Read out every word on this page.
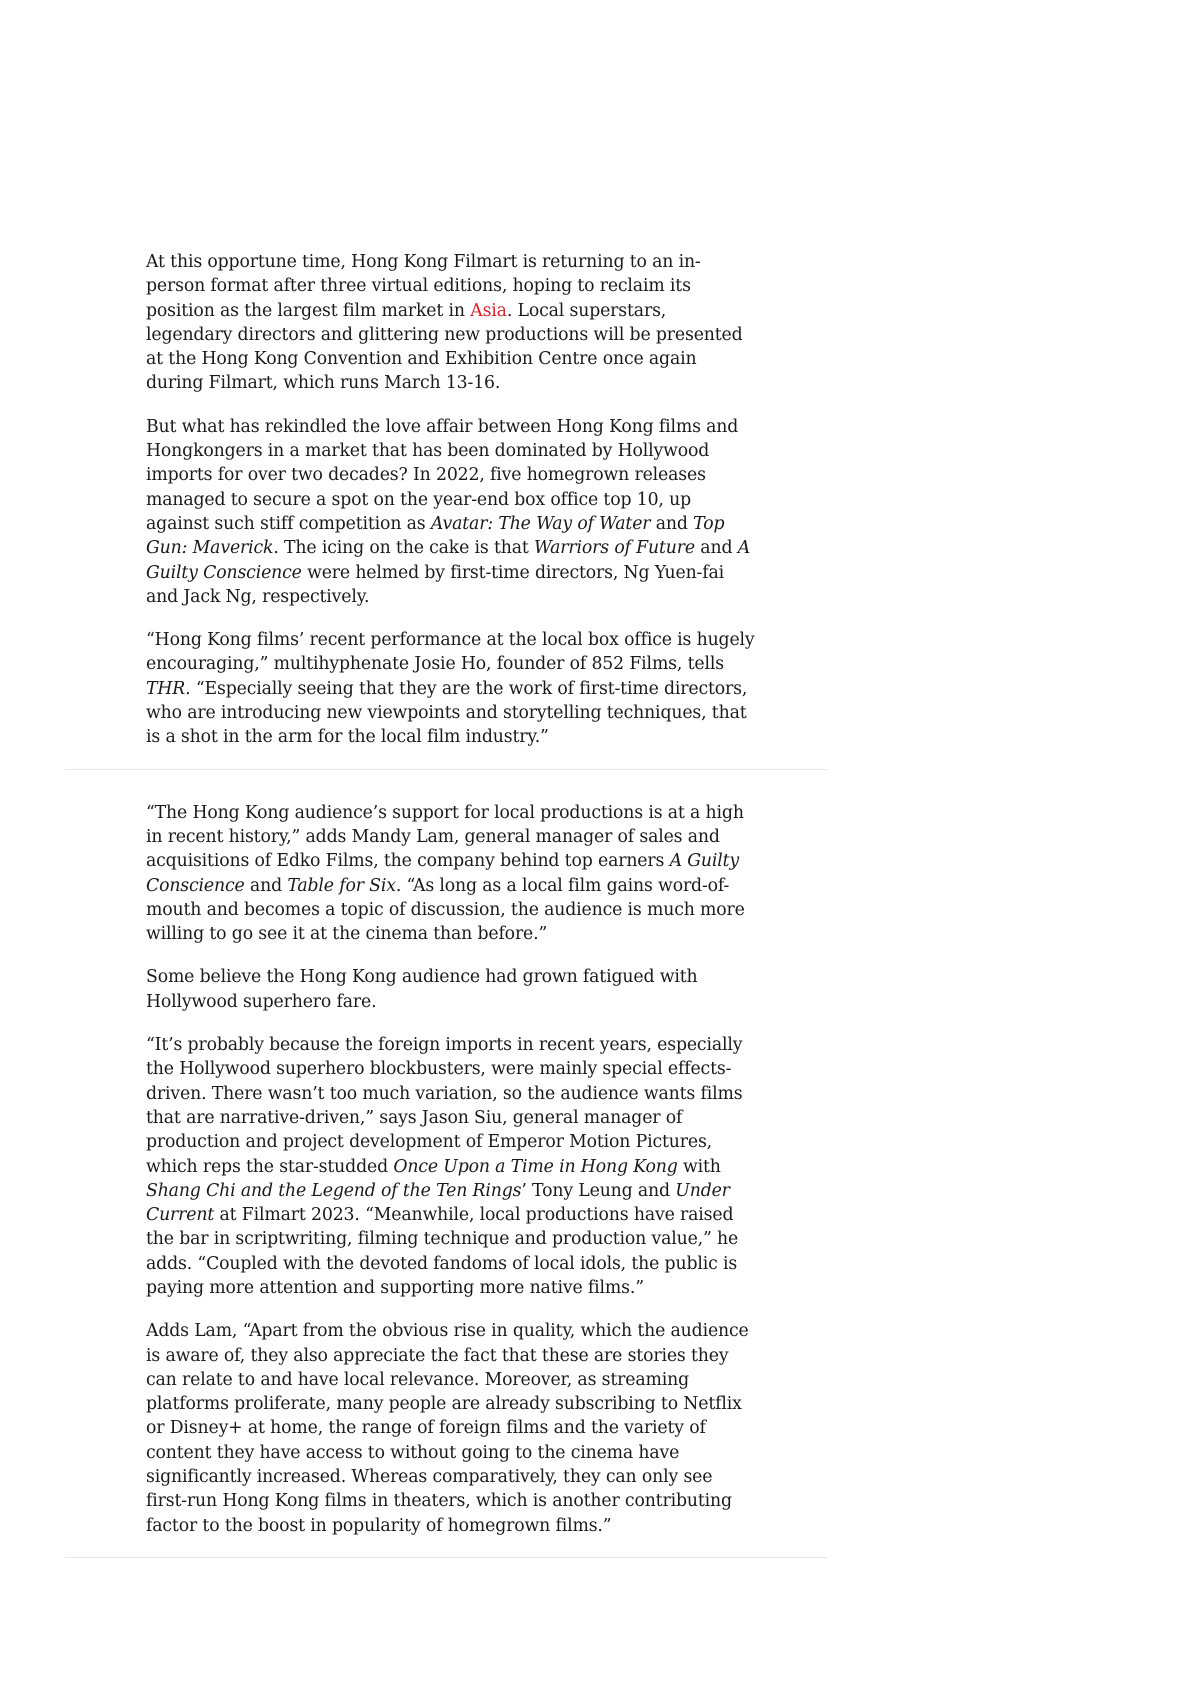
At this opportune time, Hong Kong Filmart is returning to an in-person format after three virtual editions, hoping to reclaim its position as the largest film market in Asia. Local superstars, legendary directors and glittering new productions will be presented at the Hong Kong Convention and Exhibition Centre once again during Filmart, which runs March 13-16.

But what has rekindled the love affair between Hong Kong films and Hongkongers in a market that has been dominated by Hollywood imports for over two decades? In 2022, five homegrown releases managed to secure a spot on the year-end box office top 10, up against such stiff competition as Avatar: The Way of Water and Top Gun: Maverick. The icing on the cake is that Warriors of Future and A Guilty Conscience were helmed by first-time directors, Ng Yuen-fai and Jack Ng, respectively.

“Hong Kong films’ recent performance at the local box office is hugely encouraging,” multihyphenate Josie Ho, founder of 852 Films, tells THR. “Especially seeing that they are the work of first-time directors, who are introducing new viewpoints and storytelling techniques, that is a shot in the arm for the local film industry.”

“The Hong Kong audience’s support for local productions is at a high in recent history,” adds Mandy Lam, general manager of sales and acquisitions of Edko Films, the company behind top earners A Guilty Conscience and Table for Six. “As long as a local film gains word-of-mouth and becomes a topic of discussion, the audience is much more willing to go see it at the cinema than before.”

Some believe the Hong Kong audience had grown fatigued with Hollywood superhero fare.

“It’s probably because the foreign imports in recent years, especially the Hollywood superhero blockbusters, were mainly special effects-driven. There wasn’t too much variation, so the audience wants films that are narrative-driven,” says Jason Siu, general manager of production and project development of Emperor Motion Pictures, which reps the star-studded Once Upon a Time in Hong Kong with Shang Chi and the Legend of the Ten Rings’ Tony Leung and Under Current at Filmart 2023. “Meanwhile, local productions have raised the bar in scriptwriting, filming technique and production value,” he adds. “Coupled with the devoted fandoms of local idols, the public is paying more attention and supporting more native films.”

Adds Lam, “Apart from the obvious rise in quality, which the audience is aware of, they also appreciate the fact that these are stories they can relate to and have local relevance. Moreover, as streaming platforms proliferate, many people are already subscribing to Netflix or Disney+ at home, the range of foreign films and the variety of content they have access to without going to the cinema have significantly increased. Whereas comparatively, they can only see first-run Hong Kong films in theaters, which is another contributing factor to the boost in popularity of homegrown films.”
